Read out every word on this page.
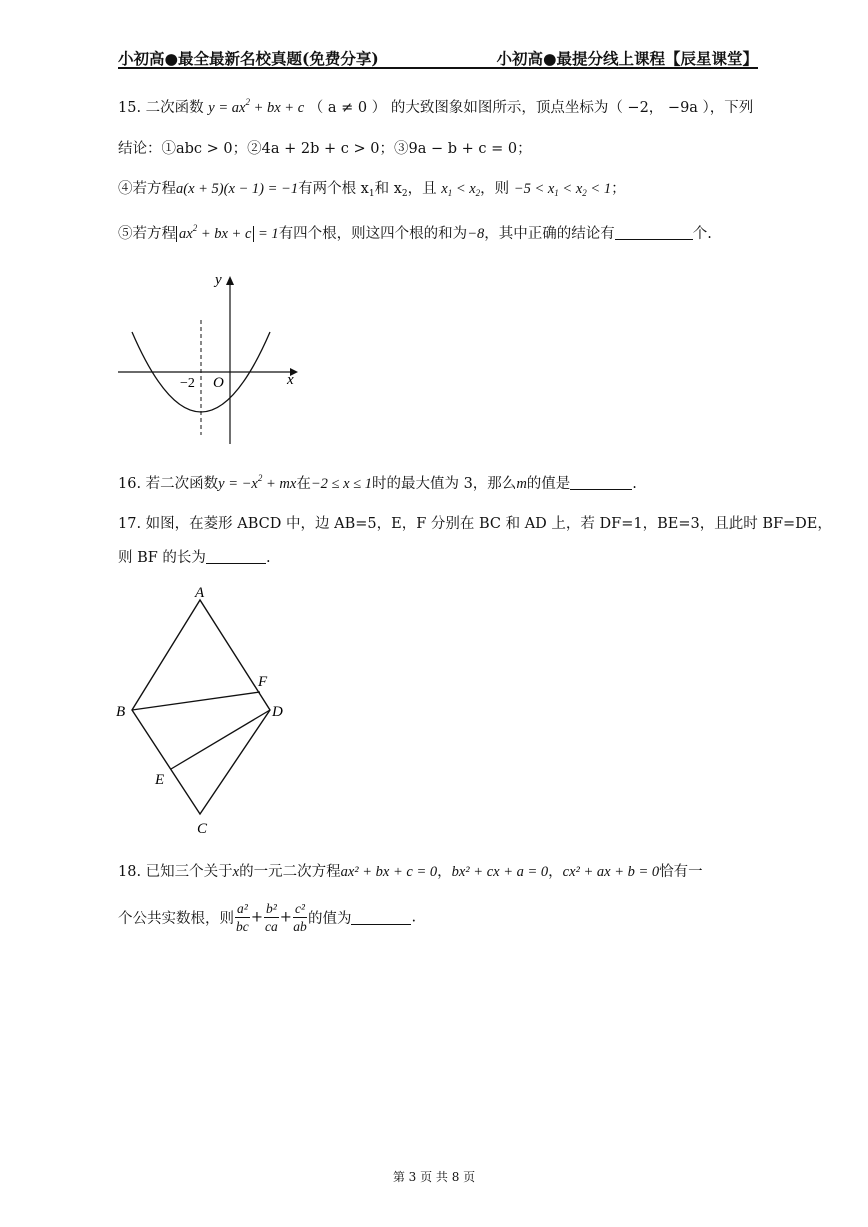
小初高●最全最新名校真题(免费分享)	小初高●最提分线上课程【辰星课堂】
15. 二次函数 $y = ax^2$ + bx + c （ a ≠ 0 ） 的大致图象如图所示，顶点坐标为（ −2， −9a ），下列
结论：①abc > 0；②4a + 2b + c > 0；③9a − b + c = 0；
④若方程a(x + 5)(x − 1) = −1有两个根 $x_1$和 $x_2$，且 $x_1 < x_2$，则 $-5 < x_1 < x_2 < 1$；
⑤若方程 $ax^2$ + bx + c = 1有四个根，则这四个根的和为−8，其中正确的结论有	个.
y
x
O
−2
16. 若二次函数$y = -x^2$ + mx在−2 ≤ x ≤ 1时的最大值为 3，那么m的值是	.
17. 如图，在菱形 ABCD 中，边 AB=5，E，F 分别在 BC 和 AD 上，若 DF=1，BE=3，且此时 BF=DE，
则 BF 的长为	.
A
B
C
D
E
F
18. 已知三个关于x的一元二次方程ax² + bx + c = 0，bx² + cx + a = 0，cx² + ax + b = 0恰有一
个公共实数根，则 $\frac{\text{a²}}{bc} + \frac{\text{b²}}{ca} + \frac{\text{c²}}{ab}$ 的值为	.
第 3 页 共 8 页
